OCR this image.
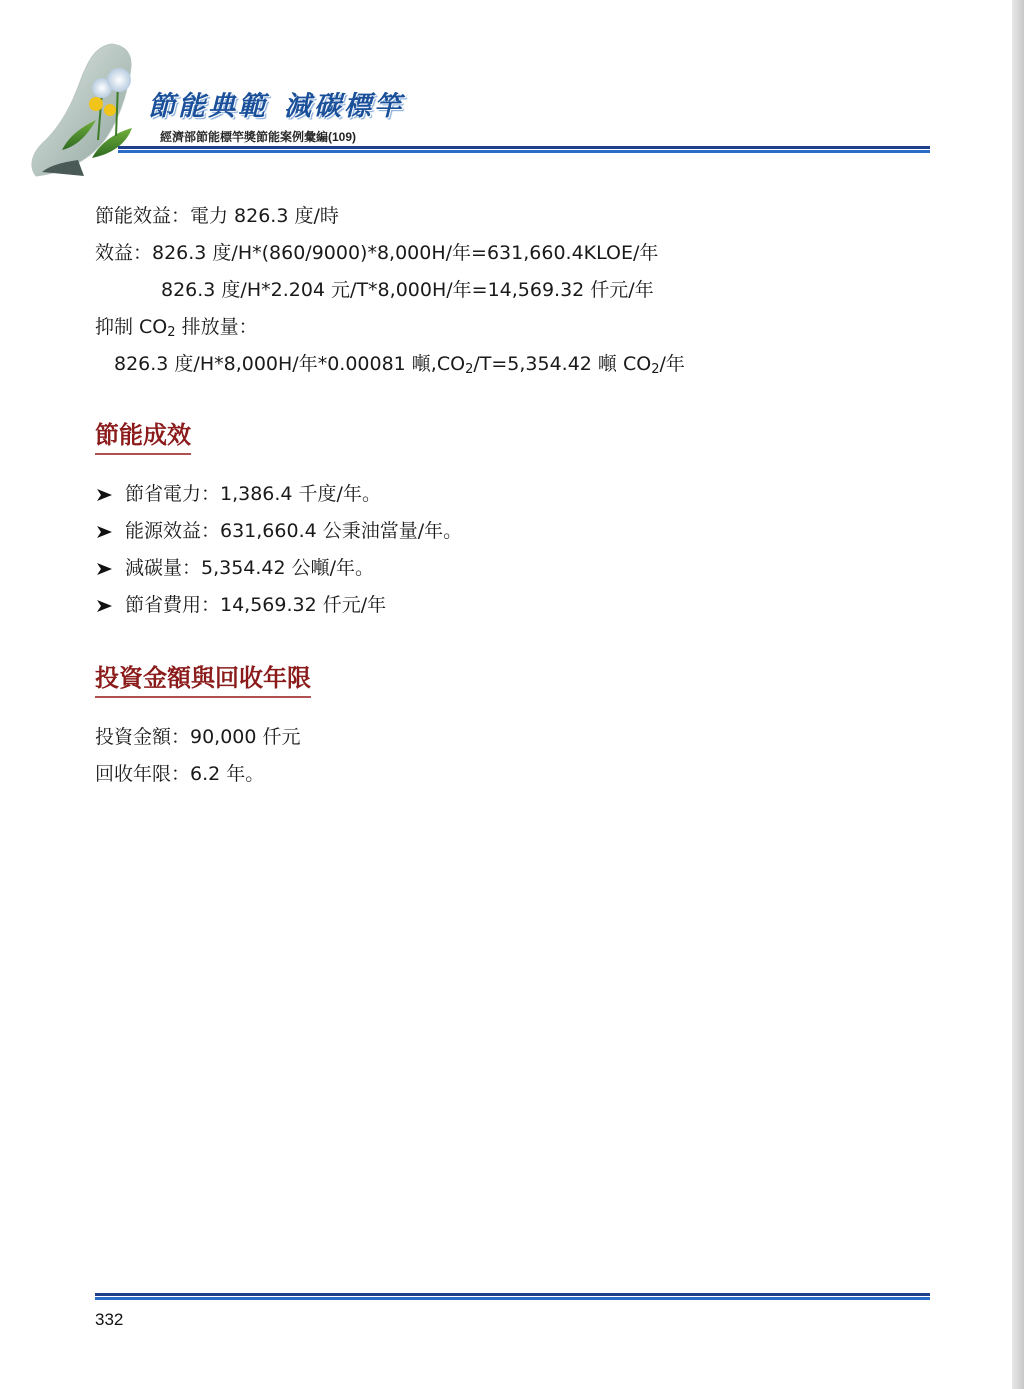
節能典範 減碳標竿
經濟部節能標竿獎節能案例彙編(109)

節能效益：電力 826.3 度/時

效益：826.3 度/H*(860/9000)*8,000H/年=631,660.4KLOE/年

826.3 度/H*2.204 元/T*8,000H/年=14,569.32 仟元/年

抑制 $CO_2$ 排放量：

826.3 度/H*8,000H/年*0.00081 噸$,CO_2/T=5,354.42$ 噸 $CO_2/$年

節能成效

節省電力：1,386.4 千度/年。

能源效益：631,660.4 公秉油當量/年。

減碳量：5,354.42 公噸/年。

節省費用：14,569.32 仟元/年

投資金額與回收年限

投資金額：90,000 仟元

回收年限：6.2 年。

332
